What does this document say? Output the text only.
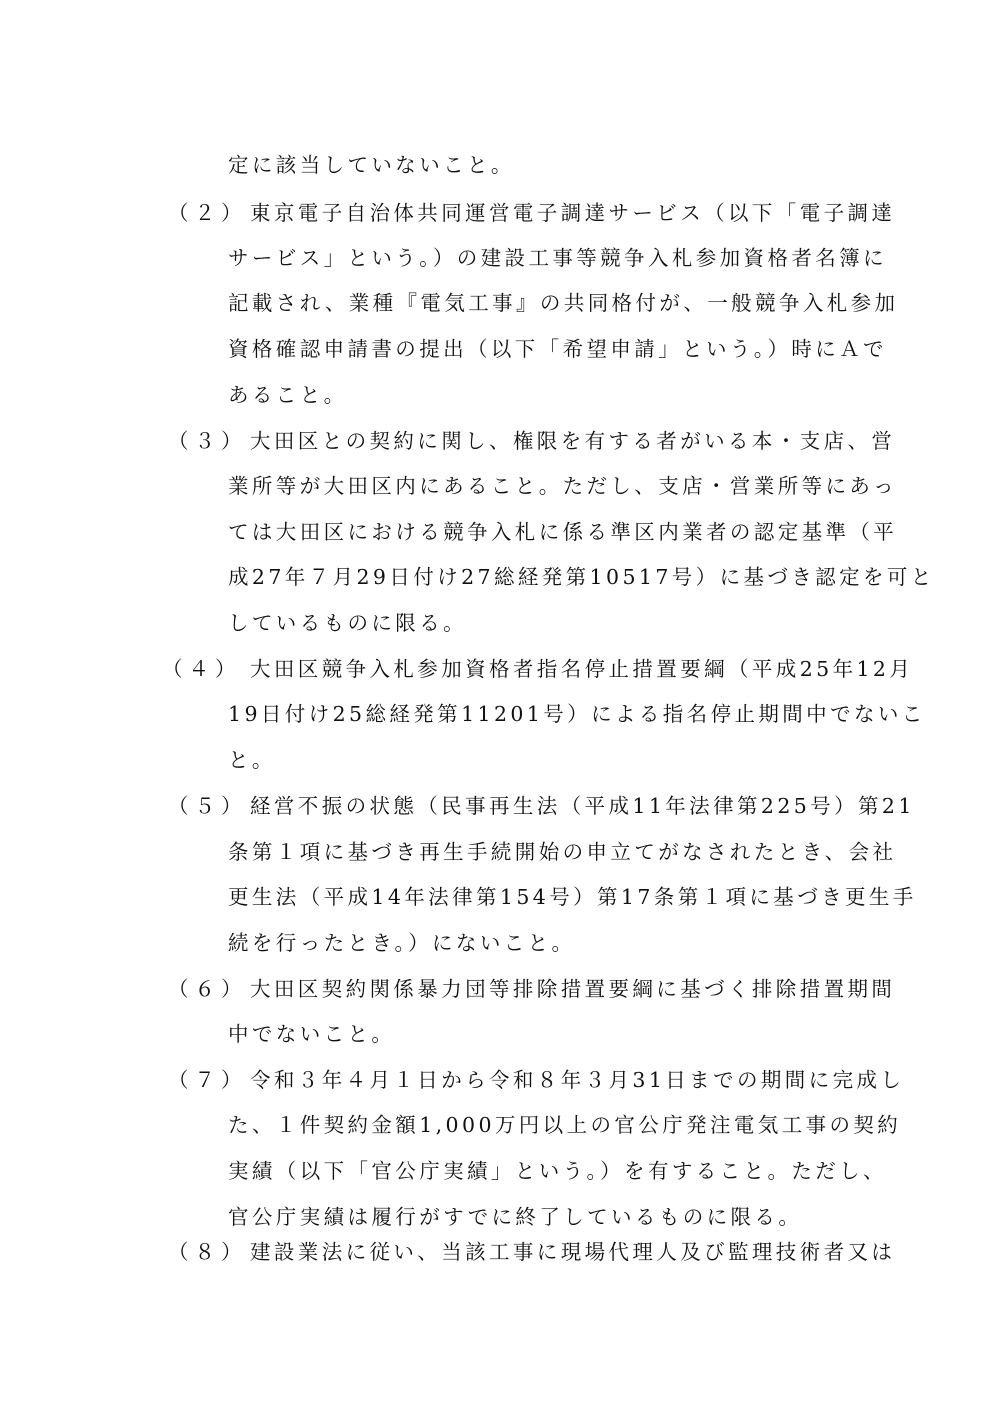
定に該当していないこと。
（２） 東京電子自治体共同運営電子調達サービス（以下「電子調達
サービス」という。）の建設工事等競争入札参加資格者名簿に
記載され、業種『電気工事』の共同格付が、一般競争入札参加
資格確認申請書の提出（以下「希望申請」という。）時にＡで
あること。
（３） 大田区との契約に関し、権限を有する者がいる本・支店、営
業所等が大田区内にあること。ただし、支店・営業所等にあっ
ては大田区における競争入札に係る準区内業者の認定基準（平
成27年７月29日付け27総経発第10517号）に基づき認定を可と
しているものに限る。
（４） 大田区競争入札参加資格者指名停止措置要綱（平成25年12月
19日付け25総経発第11201号）による指名停止期間中でないこ
と。
（５） 経営不振の状態（民事再生法（平成11年法律第225号）第21
条第１項に基づき再生手続開始の申立てがなされたとき、会社
更生法（平成14年法律第154号）第17条第１項に基づき更生手
続を行ったとき。）にないこと。
（６） 大田区契約関係暴力団等排除措置要綱に基づく排除措置期間
中でないこと。
（７） 令和３年４月１日から令和８年３月31日までの期間に完成し
た、１件契約金額1,000万円以上の官公庁発注電気工事の契約
実績（以下「官公庁実績」という。）を有すること。ただし、
官公庁実績は履行がすでに終了しているものに限る。
（８） 建設業法に従い、当該工事に現場代理人及び監理技術者又は
